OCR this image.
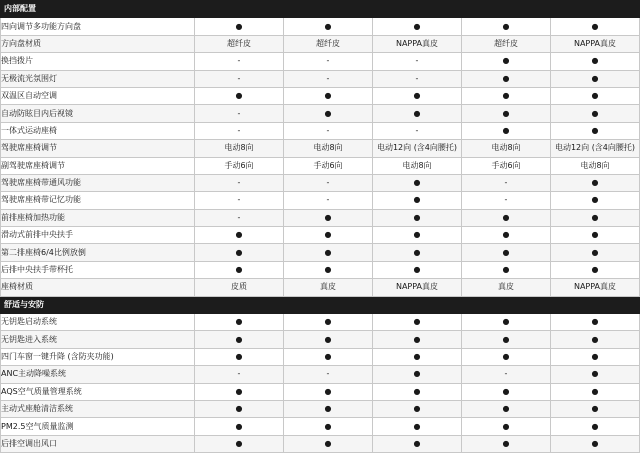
内部配置					
四向调节多功能方向盘	●	●	●	●	●
方向盘材质	超纤皮	超纤皮	NAPPA真皮	超纤皮	NAPPA真皮
换挡拨片	-	-	-	●	●
无极流光氛围灯	-	-	-	●	●
双温区自动空调	●	●	●	●	●
自动防眩目内后视镜	-	●	●	●	●
一体式运动座椅	-	-	-	●	●
驾驶席座椅调节	电动8向	电动8向	电动12向 (含4向腰托)	电动8向	电动12向 (含4向腰托)
副驾驶席座椅调节	手动6向	手动6向	电动8向	手动6向	电动8向
驾驶席座椅带通风功能	-	-	●	-	●
驾驶席座椅带记忆功能	-	-	●	-	●
前排座椅加热功能	-	●	●	●	●
滑动式前排中央扶手	●	●	●	●	●
第二排座椅6/4比例放倒	●	●	●	●	●
后排中央扶手带杯托	●	●	●	●	●
座椅材质	皮质	真皮	NAPPA真皮	真皮	NAPPA真皮
舒适与安防					
无钥匙启动系统	●	●	●	●	●
无钥匙进入系统	●	●	●	●	●
四门车窗一键升降 (含防夹功能)	●	●	●	●	●
ANC主动降噪系统	-	-	●	-	●
AQS空气质量管理系统	●	●	●	●	●
主动式座舱清洁系统	●	●	●	●	●
PM2.5空气质量监测	●	●	●	●	●
后排空调出风口	●	●	●	●	●
